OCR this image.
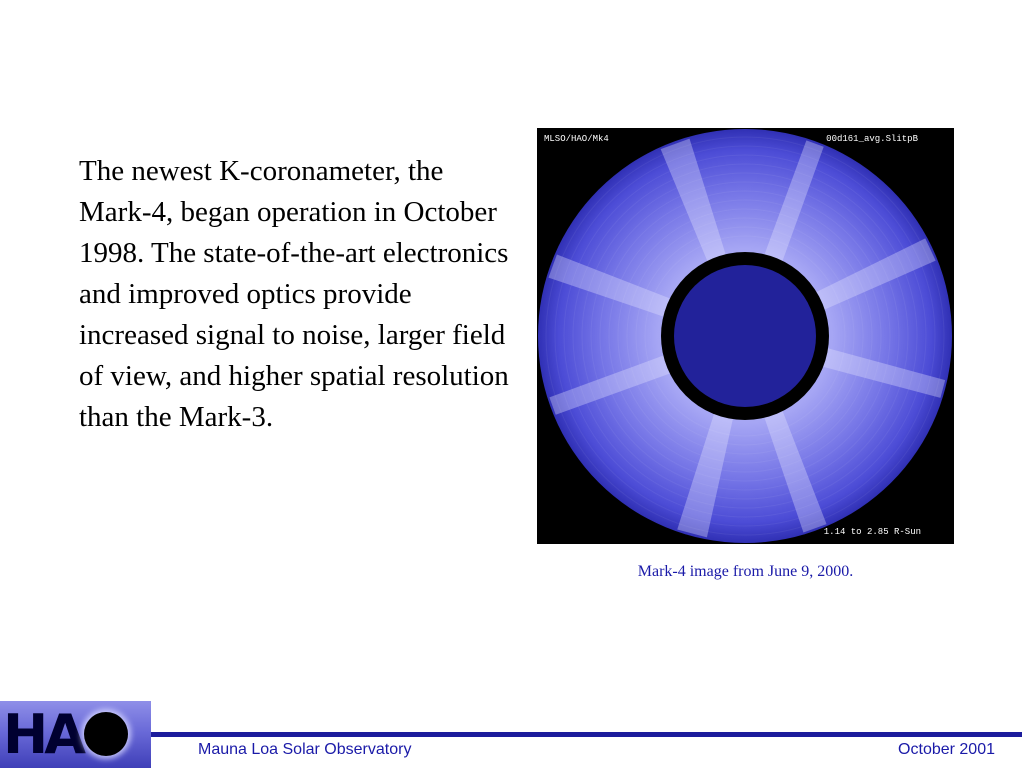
The newest K-coronameter, the Mark-4, began operation in October 1998. The state-of-the-art electronics and improved optics provide increased signal to noise, larger field of view, and higher spatial resolution than the Mark-3.

MLSO/HAO/Mk4	00d161_avg.SlitpB
1.14 to 2.85 R-Sun
Mark-4 image from June 9, 2000.
HA	Mauna Loa Solar Observatory	October 2001
